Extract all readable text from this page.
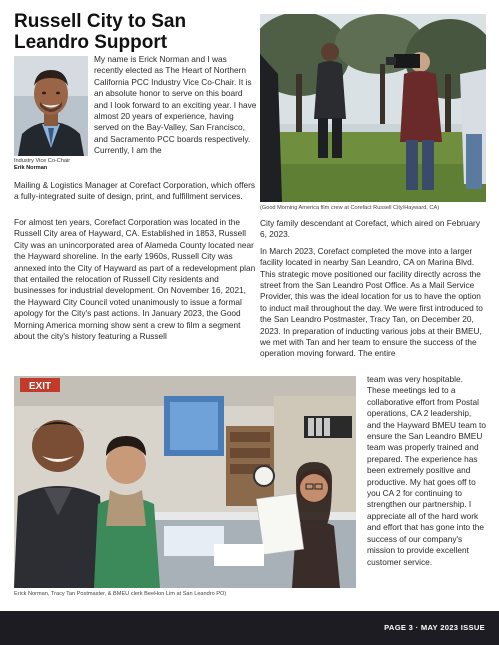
Russell City to San Leandro Support
Industry Vice Co-Chair
Erik Norman

My name is Erick Norman and I was recently elected as The Heart of Northern California PCC Industry Vice Co-Chair. It is an absolute honor to serve on this board and I look forward to an exciting year. I have almost 20 years of experience, having served on the Bay-Valley, San Francisco, and Sacramento PCC boards respectively. Currently, I am the

Mailing & Logistics Manager at Corefact Corporation, which offers a fully-integrated suite of design, print, and fulfillment services.

For almost ten years, Corefact Corporation was located in the Russell City area of Hayward, CA. Established in 1853, Russell City was an unincorporated area of Alameda County located near the Hayward shoreline. In the early 1960s, Russell City was annexed into the City of Hayward as part of a redevelopment plan that entailed the relocation of Russell City residents and businesses for industrial development. On November 16, 2021, the Hayward City Council voted unanimously to issue a formal apology for the City's past actions. In January 2023, the Good Morning America morning show sent a crew to film a segment about the city's history featuring a Russell

(Good Morning America film crew at Corefact Russell City/Hayward, CA)

City family descendant at Corefact, which aired on February 6, 2023.

In March 2023, Corefact completed the move into a larger facility located in nearby San Leandro, CA on Marina Blvd. This strategic move positioned our facility directly across the street from the San Leandro Post Office. As a Mail Service Provider, this was the ideal location for us to have the option to induct mail throughout the day. We were first introduced to the San Leandro Postmaster, Tracy Tan, on December 20, 2023. In preparation of inducting various jobs at their BMEU, we met with Tan and her team to ensure the success of the operation moving forward. The entire

team was very hospitable. These meetings led to a collaborative effort from Postal operations, CA 2 leadership, and the Hayward BMEU team to ensure the San Leandro BMEU team was properly trained and prepared. The experience has been extremely positive and productive. My hat goes off to you CA 2 for continuing to strengthen our partnership. I appreciate all of the hard work and effort that has gone into the success of our company's mission to provide excellent customer service.

EXIT
Erick Norman, Tracy Tan Postmaster, & BMEU clerk BeeHon Lim at San Leandro PO)
PAGE 3 · MAY 2023 ISSUE
